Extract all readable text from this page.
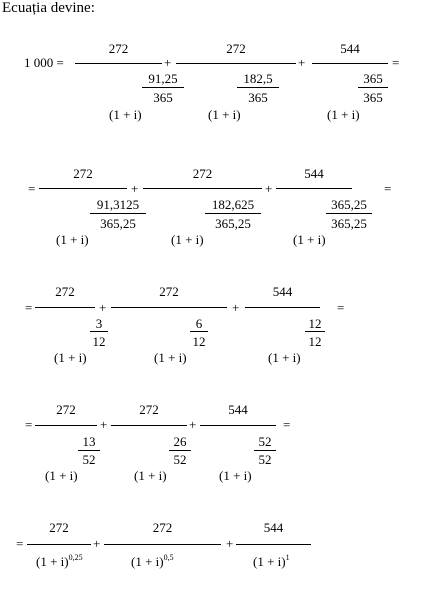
Ecuația devine:
1 000 =
272
91,25
365
(1 + i)
+
272
182,5
365
(1 + i)
+
544
365
365
(1 + i)
=
=
272
91,3125
365,25
(1 + i)
+
272
182,625
365,25
(1 + i)
+
544
365,25
365,25
(1 + i)
=
=
272
3
12
(1 + i)
+
272
6
12
(1 + i)
+
544
12
12
(1 + i)
=
=
272
13
52
(1 + i)
+
272
26
52
(1 + i)
+
544
52
52
(1 + i)
=
=
272
$(1 + i)^{0,25}$
+
272
$(1 + i)^{0,5}$
+
544
$(1 + i)^1$
